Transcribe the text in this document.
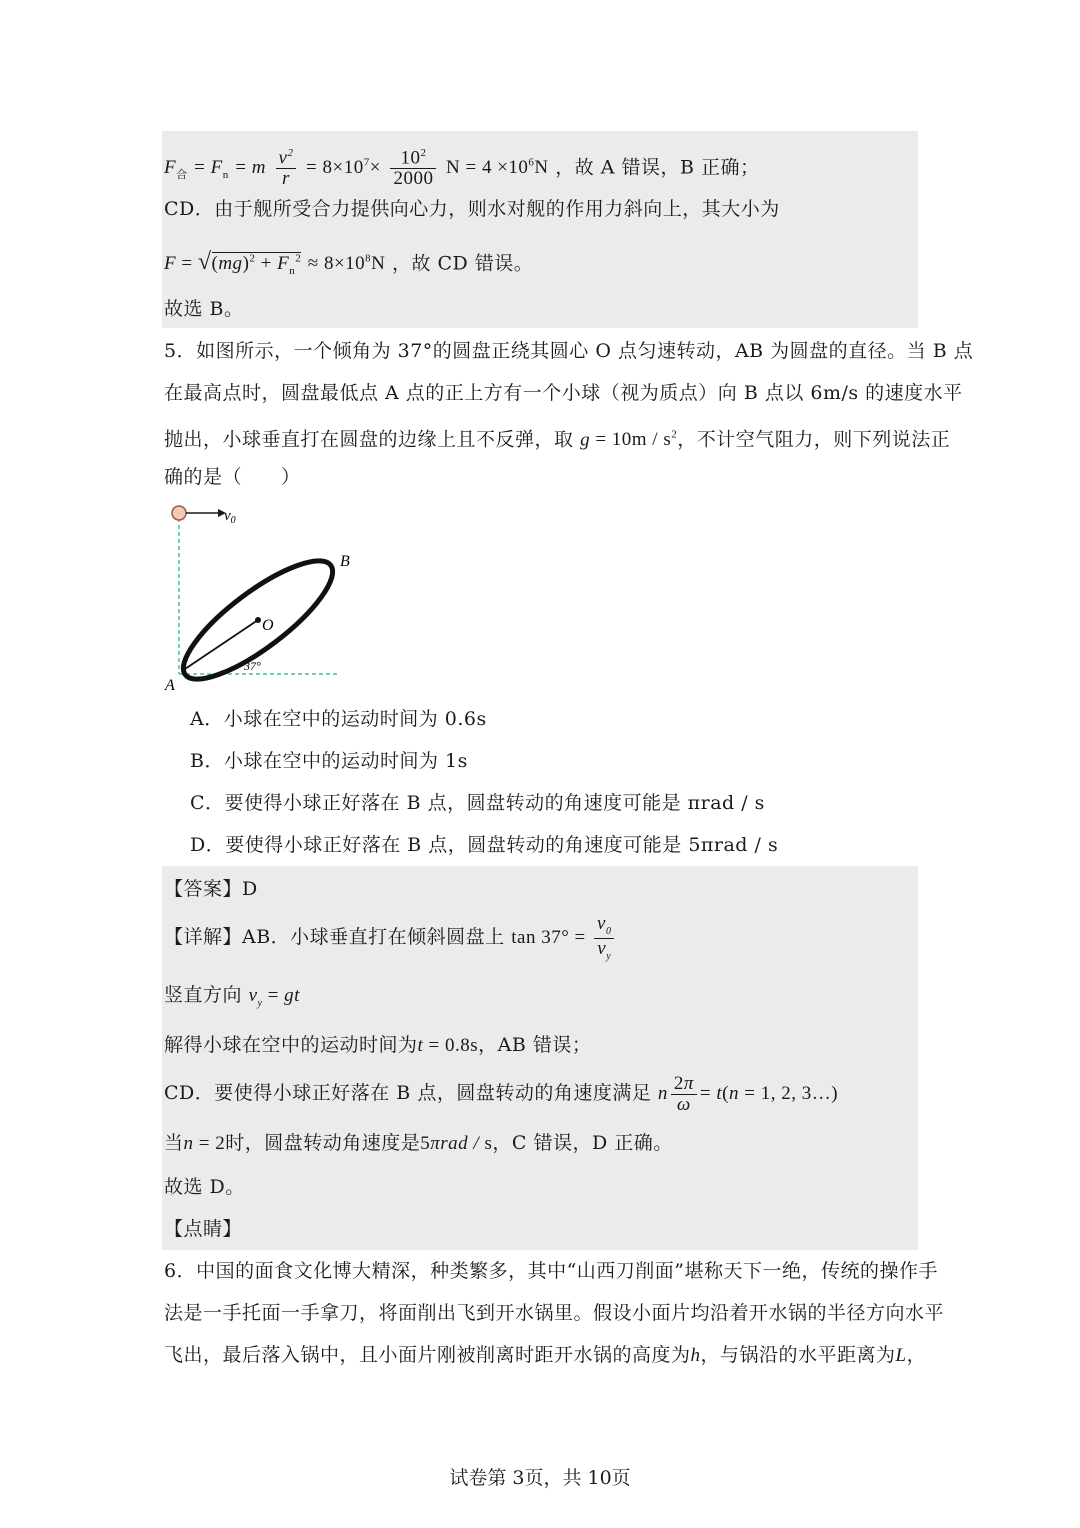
$F_合 = F_n = m \frac{v^2}{r} = 8\times 10^7\times \frac{10^2}{2000}$ $N = 4 \times 10^6N$ ，故 A 错误，B 正确；
CD．由于舰所受合力提供向心力，则水对舰的作用力斜向上，其大小为
$F = √(mg)^2 + F_n^2 \approx 8\times 10^8N$ ，故 CD 错误。
故选 B。
5．如图所示，一个倾角为 37°的圆盘正绕其圆心 O 点匀速转动，AB 为圆盘的直径。当 B 点
在最高点时，圆盘最低点 A 点的正上方有一个小球（视为质点）向 B 点以 6m/s 的速度水平
抛出，小球垂直打在圆盘的边缘上且不反弹，取 $g = 10m / s^2$，不计空气阻力，则下列说法正
确的是（　　）
$v_0$
O
B
A
37°
A．小球在空中的运动时间为 0.6s
B．小球在空中的运动时间为 1s
C．要使得小球正好落在 B 点，圆盘转动的角速度可能是 πrad / s
D．要使得小球正好落在 B 点，圆盘转动的角速度可能是 5πrad / s
【答案】D
【详解】AB．小球垂直打在倾斜圆盘上 $\tan 37^\circ = \frac{v_0}{v_y}$
竖直方向 $v_y$ = gt
解得小球在空中的运动时间为t = 0.8s，AB 错误；
CD．要使得小球正好落在 B 点，圆盘转动的角速度满足 n $\frac{2\pi}{\omega} = t(n = 1$, 2, 3…)
当n = 2时，圆盘转动角速度是5πrad / s，C 错误，D 正确。
故选 D。
【点睛】
6．中国的面食文化博大精深，种类繁多，其中“山西刀削面”堪称天下一绝，传统的操作手
法是一手托面一手拿刀，将面削出飞到开水锅里。假设小面片均沿着开水锅的半径方向水平
飞出，最后落入锅中，且小面片刚被削离时距开水锅的高度为h，与锅沿的水平距离为L，
试卷第 3页，共 10页
